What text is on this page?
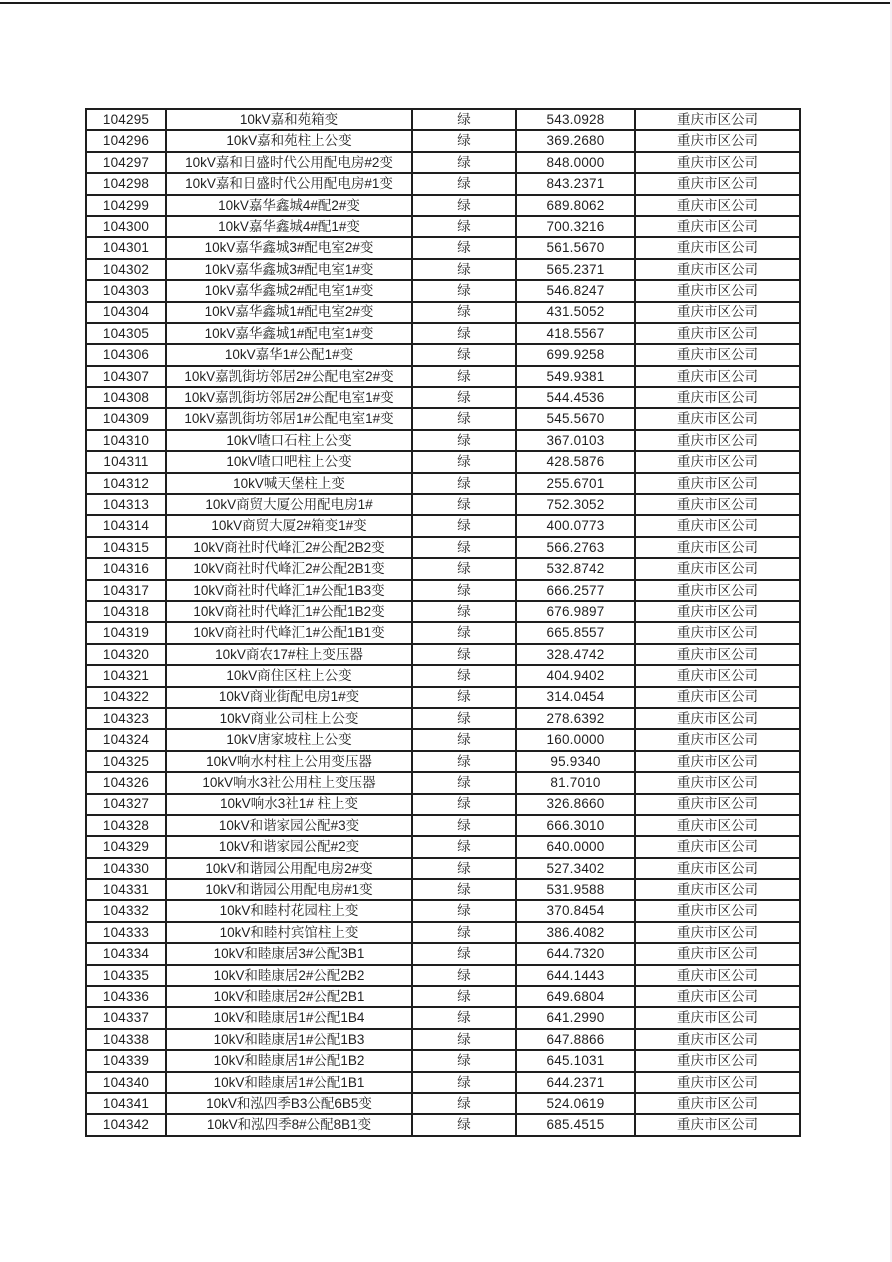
104295	10kV嘉和苑箱变	绿	543.0928	重庆市区公司
104296	10kV嘉和苑柱上公变	绿	369.2680	重庆市区公司
104297	10kV嘉和日盛时代公用配电房#2变	绿	848.0000	重庆市区公司
104298	10kV嘉和日盛时代公用配电房#1变	绿	843.2371	重庆市区公司
104299	10kV嘉华鑫城4#配2#变	绿	689.8062	重庆市区公司
104300	10kV嘉华鑫城4#配1#变	绿	700.3216	重庆市区公司
104301	10kV嘉华鑫城3#配电室2#变	绿	561.5670	重庆市区公司
104302	10kV嘉华鑫城3#配电室1#变	绿	565.2371	重庆市区公司
104303	10kV嘉华鑫城2#配电室1#变	绿	546.8247	重庆市区公司
104304	10kV嘉华鑫城1#配电室2#变	绿	431.5052	重庆市区公司
104305	10kV嘉华鑫城1#配电室1#变	绿	418.5567	重庆市区公司
104306	10kV嘉华1#公配1#变	绿	699.9258	重庆市区公司
104307	10kV嘉凯街坊邻居2#公配电室2#变	绿	549.9381	重庆市区公司
104308	10kV嘉凯街坊邻居2#公配电室1#变	绿	544.4536	重庆市区公司
104309	10kV嘉凯街坊邻居1#公配电室1#变	绿	545.5670	重庆市区公司
104310	10kV喳口石柱上公变	绿	367.0103	重庆市区公司
104311	10kV喳口吧柱上公变	绿	428.5876	重庆市区公司
104312	10kV喊天堡柱上变	绿	255.6701	重庆市区公司
104313	10kV商贸大厦公用配电房1#	绿	752.3052	重庆市区公司
104314	10kV商贸大厦2#箱变1#变	绿	400.0773	重庆市区公司
104315	10kV商社时代峰汇2#公配2B2变	绿	566.2763	重庆市区公司
104316	10kV商社时代峰汇2#公配2B1变	绿	532.8742	重庆市区公司
104317	10kV商社时代峰汇1#公配1B3变	绿	666.2577	重庆市区公司
104318	10kV商社时代峰汇1#公配1B2变	绿	676.9897	重庆市区公司
104319	10kV商社时代峰汇1#公配1B1变	绿	665.8557	重庆市区公司
104320	10kV商农17#柱上变压器	绿	328.4742	重庆市区公司
104321	10kV商住区柱上公变	绿	404.9402	重庆市区公司
104322	10kV商业街配电房1#变	绿	314.0454	重庆市区公司
104323	10kV商业公司柱上公变	绿	278.6392	重庆市区公司
104324	10kV唐家坡柱上公变	绿	160.0000	重庆市区公司
104325	10kV响水村柱上公用变压器	绿	95.9340	重庆市区公司
104326	10kV响水3社公用柱上变压器	绿	81.7010	重庆市区公司
104327	10kV响水3社1# 柱上变	绿	326.8660	重庆市区公司
104328	10kV和谐家园公配#3变	绿	666.3010	重庆市区公司
104329	10kV和谐家园公配#2变	绿	640.0000	重庆市区公司
104330	10kV和谐园公用配电房2#变	绿	527.3402	重庆市区公司
104331	10kV和谐园公用配电房#1变	绿	531.9588	重庆市区公司
104332	10kV和睦村花园柱上变	绿	370.8454	重庆市区公司
104333	10kV和睦村宾馆柱上变	绿	386.4082	重庆市区公司
104334	10kV和睦康居3#公配3B1	绿	644.7320	重庆市区公司
104335	10kV和睦康居2#公配2B2	绿	644.1443	重庆市区公司
104336	10kV和睦康居2#公配2B1	绿	649.6804	重庆市区公司
104337	10kV和睦康居1#公配1B4	绿	641.2990	重庆市区公司
104338	10kV和睦康居1#公配1B3	绿	647.8866	重庆市区公司
104339	10kV和睦康居1#公配1B2	绿	645.1031	重庆市区公司
104340	10kV和睦康居1#公配1B1	绿	644.2371	重庆市区公司
104341	10kV和泓四季B3公配6B5变	绿	524.0619	重庆市区公司
104342	10kV和泓四季8#公配8B1变	绿	685.4515	重庆市区公司
